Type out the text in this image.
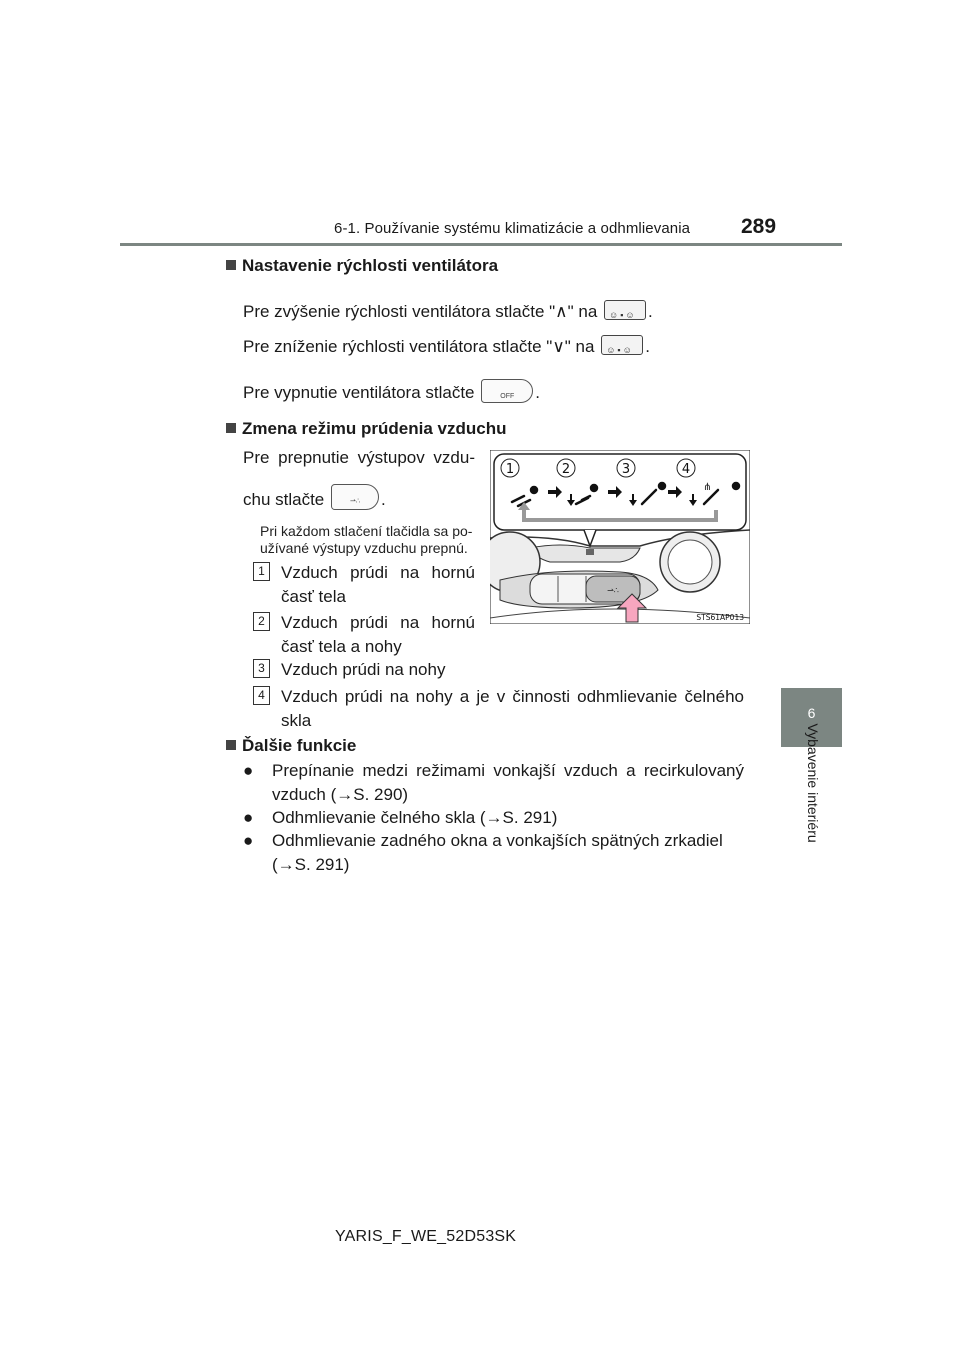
6-1. Používanie systému klimatizácie a odhmlievania 289
6
Vybavenie interiéru
Nastavenie rýchlosti ventilátora
Pre zvýšenie rýchlosti ventilátora stlačte "∧" na ☺▪☺ .
Pre zníženie rýchlosti ventilátora stlačte "∨" na ☺▪☺ .
Pre vypnutie ventilátora stlačte	OFF .
Zmena režimu prúdenia vzduchu
Pre prepnutie výstupov vzdu-
chu stlačte	⇀∴ .
Pri každom stlačení tlačidla sa po-
užívané výstupy vzduchu prepnú.
1 Vzduch prúdi na hornú
časť tela
2 Vzduch prúdi na hornú
časť tela a nohy
3 Vzduch prúdi na nohy
4 Vzduch prúdi na nohy a je v činnosti odhmlievanie čelného
skla
⇀∴
1	2	3	4
⋔
STS61AP013
Ďalšie funkcie
● Prepínanie medzi režimami vonkajší vzduch a recirkulovaný
vzduch (→S. 290)
● Odhmlievanie čelného skla (→S. 291)
● Odhmlievanie zadného okna a vonkajších spätných zrkadiel
(→S. 291)
YARIS_F_WE_52D53SK
